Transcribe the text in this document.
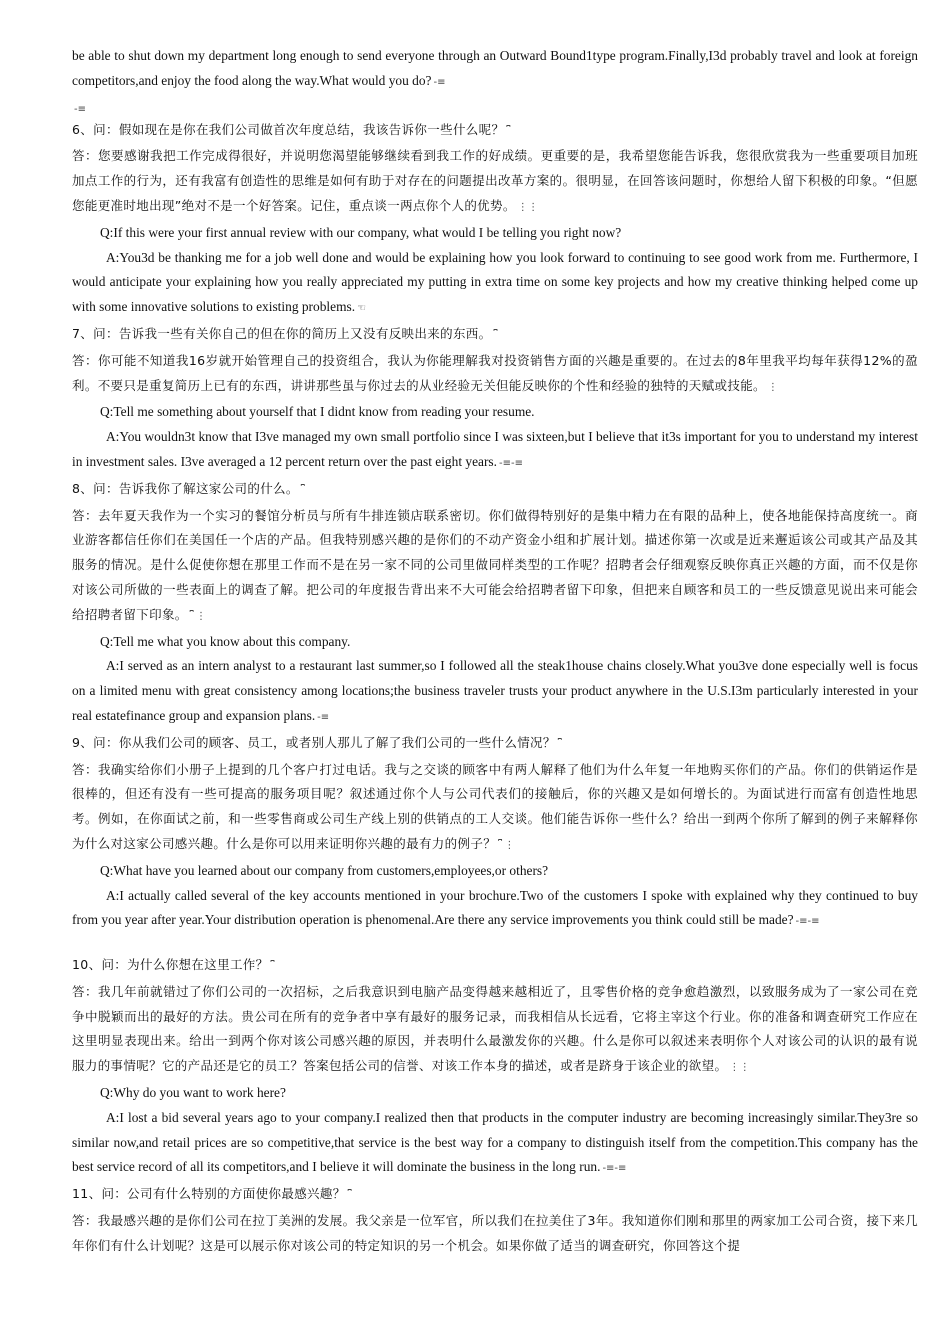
be able to shut down my department long enough to send everyone through an Outward Bound1type program.Finally,I3d probably travel and look at foreign competitors,and enjoy the food along the way.What would you do? -≡

-≡

6、问：假如现在是你在我们公司做首次年度总结，我该告诉你一些什么呢？ ⎴

答：您要感谢我把工作完成得很好，并说明您渴望能够继续看到我工作的好成绩。更重要的是，我希望您能告诉我，您很欣赏我为一些重要项目加班加点工作的行为，还有我富有创造性的思维是如何有助于对存在的问题提出改革方案的。很明显，在回答该问题时，你想给人留下积极的印象。“但愿您能更准时地出现”绝对不是一个好答案。记住，重点谈一两点你个人的优势。 ⋮⋮

Q:If this were your first annual review with our company, what would I be telling you right now?

A:You3d be thanking me for a job well done and would be explaining how you look forward to continuing to see good work from me. Furthermore, I would anticipate your explaining how you really appreciated my putting in extra time on some key projects and how my creative thinking helped come up with some innovative solutions to existing problems. ☜

7、问：告诉我一些有关你自己的但在你的简历上又没有反映出来的东西。 ⎴

答：你可能不知道我16岁就开始管理自己的投资组合，我认为你能理解我对投资销售方面的兴趣是重要的。在过去的8年里我平均每年获得12%的盈利。不要只是重复简历上已有的东西，讲讲那些虽与你过去的从业经验无关但能反映你的个性和经验的独特的天赋或技能。 ⋮

Q:Tell me something about yourself that I didnt know from reading your resume.

A:You wouldn3t know that I3ve managed my own small portfolio since I was sixteen,but I believe that it3s important for you to understand my interest in investment sales. I3ve averaged a 12 percent return over the past eight years. -≡-≡

8、问：告诉我你了解这家公司的什么。 ⎴

答：去年夏天我作为一个实习的餐馆分析员与所有牛排连锁店联系密切。你们做得特别好的是集中精力在有限的品种上，使各地能保持高度统一。商业游客都信任你们在美国任一个店的产品。但我特别感兴趣的是你们的不动产资金小组和扩展计划。描述你第一次或是近来邂逅该公司或其产品及其服务的情况。是什么促使你想在那里工作而不是在另一家不同的公司里做同样类型的工作呢？招聘者会仔细观察反映你真正兴趣的方面，而不仅是你对该公司所做的一些表面上的调查了解。把公司的年度报告背出来不大可能会给招聘者留下印象，但把来自顾客和员工的一些反馈意见说出来可能会给招聘者留下印象。 ⎴ ⋮

Q:Tell me what you know about this company.

A:I served as an intern analyst to a restaurant last summer,so I followed all the steak1house chains closely.What you3ve done especially well is focus on a limited menu with great consistency among locations;the business traveler trusts your product anywhere in the U.S.I3m particularly interested in your real estatefinance group and expansion plans. -≡

9、问：你从我们公司的顾客、员工，或者别人那儿了解了我们公司的一些什么情况？ ⎴

答：我确实给你们小册子上提到的几个客户打过电话。我与之交谈的顾客中有两人解释了他们为什么年复一年地购买你们的产品。你们的供销运作是很棒的，但还有没有一些可提高的服务项目呢？叙述通过你个人与公司代表们的接触后，你的兴趣又是如何增长的。为面试进行而富有创造性地思考。例如，在你面试之前，和一些零售商或公司生产线上别的供销点的工人交谈。他们能告诉你一些什么？给出一到两个你所了解到的例子来解释你为什么对这家公司感兴趣。什么是你可以用来证明你兴趣的最有力的例子？ ⎴ ⋮

Q:What have you learned about our company from customers,employees,or others?

A:I actually called several of the key accounts mentioned in your brochure.Two of the customers I spoke with explained why they continued to buy from you year after year.Your distribution operation is phenomenal.Are there any service improvements you think could still be made? -≡-≡

10、问：为什么你想在这里工作？ ⎴

答：我几年前就错过了你们公司的一次招标，之后我意识到电脑产品变得越来越相近了，且零售价格的竞争愈趋激烈，以致服务成为了一家公司在竞争中脱颖而出的最好的方法。贵公司在所有的竞争者中享有最好的服务记录，而我相信从长远看，它将主宰这个行业。你的准备和调查研究工作应在这里明显表现出来。给出一到两个你对该公司感兴趣的原因，并表明什么最激发你的兴趣。什么是你可以叙述来表明你个人对该公司的认识的最有说服力的事情呢？它的产品还是它的员工？答案包括公司的信誉、对该工作本身的描述，或者是跻身于该企业的欲望。 ⋮⋮

Q:Why do you want to work here?

A:I lost a bid several years ago to your company.I realized then that products in the computer industry are becoming increasingly similar.They3re so similar now,and retail prices are so competitive,that service is the best way for a company to distinguish itself from the competition.This company has the best service record of all its competitors,and I believe it will dominate the business in the long run. -≡-≡

11、问：公司有什么特别的方面使你最感兴趣？ ⎴

答：我最感兴趣的是你们公司在拉丁美洲的发展。我父亲是一位军官，所以我们在拉美住了3年。我知道你们刚和那里的两家加工公司合资，接下来几年你们有什么计划呢？这是可以展示你对该公司的特定知识的另一个机会。如果你做了适当的调查研究，你回答这个提
